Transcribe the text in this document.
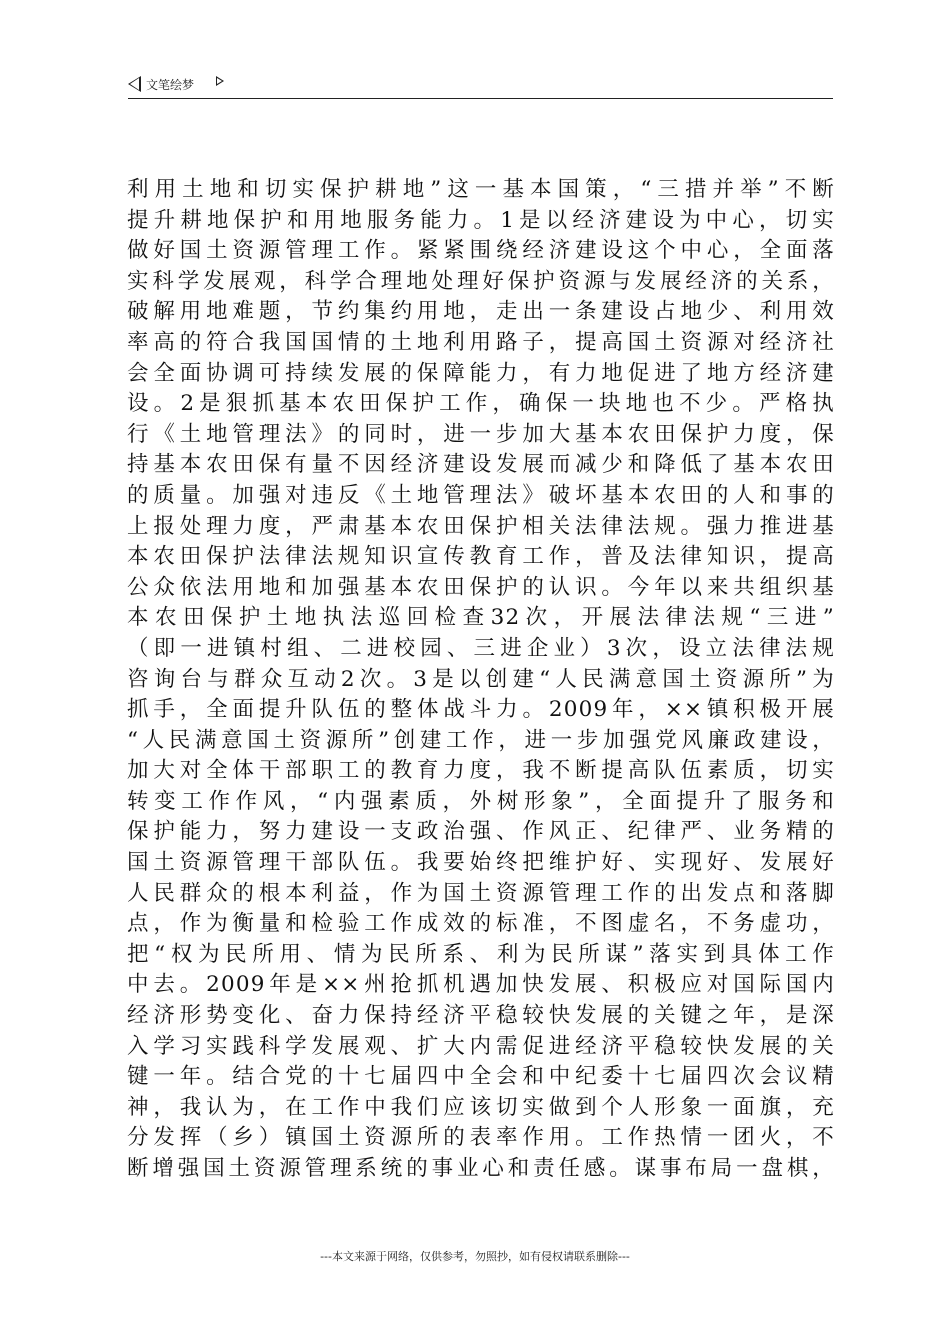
文笔绘梦
利用土地和切实保护耕地”这一基本国策，“三措并举”不断
提升耕地保护和用地服务能力。1是以经济建设为中心，切实
做好国土资源管理工作。紧紧围绕经济建设这个中心，全面落
实科学发展观，科学合理地处理好保护资源与发展经济的关系，
破解用地难题，节约集约用地，走出一条建设占地少、利用效
率高的符合我国国情的土地利用路子，提高国土资源对经济社
会全面协调可持续发展的保障能力，有力地促进了地方经济建
设。2是狠抓基本农田保护工作，确保一块地也不少。严格执
行《土地管理法》的同时，进一步加大基本农田保护力度，保
持基本农田保有量不因经济建设发展而减少和降低了基本农田
的质量。加强对违反《土地管理法》破坏基本农田的人和事的
上报处理力度，严肃基本农田保护相关法律法规。强力推进基
本农田保护法律法规知识宣传教育工作，普及法律知识，提高
公众依法用地和加强基本农田保护的认识。今年以来共组织基
本农田保护土地执法巡回检查32次，开展法律法规“三进”
（即一进镇村组、二进校园、三进企业）3次，设立法律法规
咨询台与群众互动2次。3是以创建“人民满意国土资源所”为
抓手，全面提升队伍的整体战斗力。2009年，××镇积极开展
“人民满意国土资源所”创建工作，进一步加强党风廉政建设，
加大对全体干部职工的教育力度，我不断提高队伍素质，切实
转变工作作风，“内强素质，外树形象”，全面提升了服务和
保护能力，努力建设一支政治强、作风正、纪律严、业务精的
国土资源管理干部队伍。我要始终把维护好、实现好、发展好
人民群众的根本利益，作为国土资源管理工作的出发点和落脚
点，作为衡量和检验工作成效的标准，不图虚名，不务虚功，
把“权为民所用、情为民所系、利为民所谋”落实到具体工作
中去。2009年是××州抢抓机遇加快发展、积极应对国际国内
经济形势变化、奋力保持经济平稳较快发展的关键之年，是深
入学习实践科学发展观、扩大内需促进经济平稳较快发展的关
键一年。结合党的十七届四中全会和中纪委十七届四次会议精
神，我认为，在工作中我们应该切实做到个人形象一面旗，充
分发挥（乡）镇国土资源所的表率作用。工作热情一团火，不
断增强国土资源管理系统的事业心和责任感。谋事布局一盘棋，
---本文来源于网络，仅供参考，勿照抄，如有侵权请联系删除---
